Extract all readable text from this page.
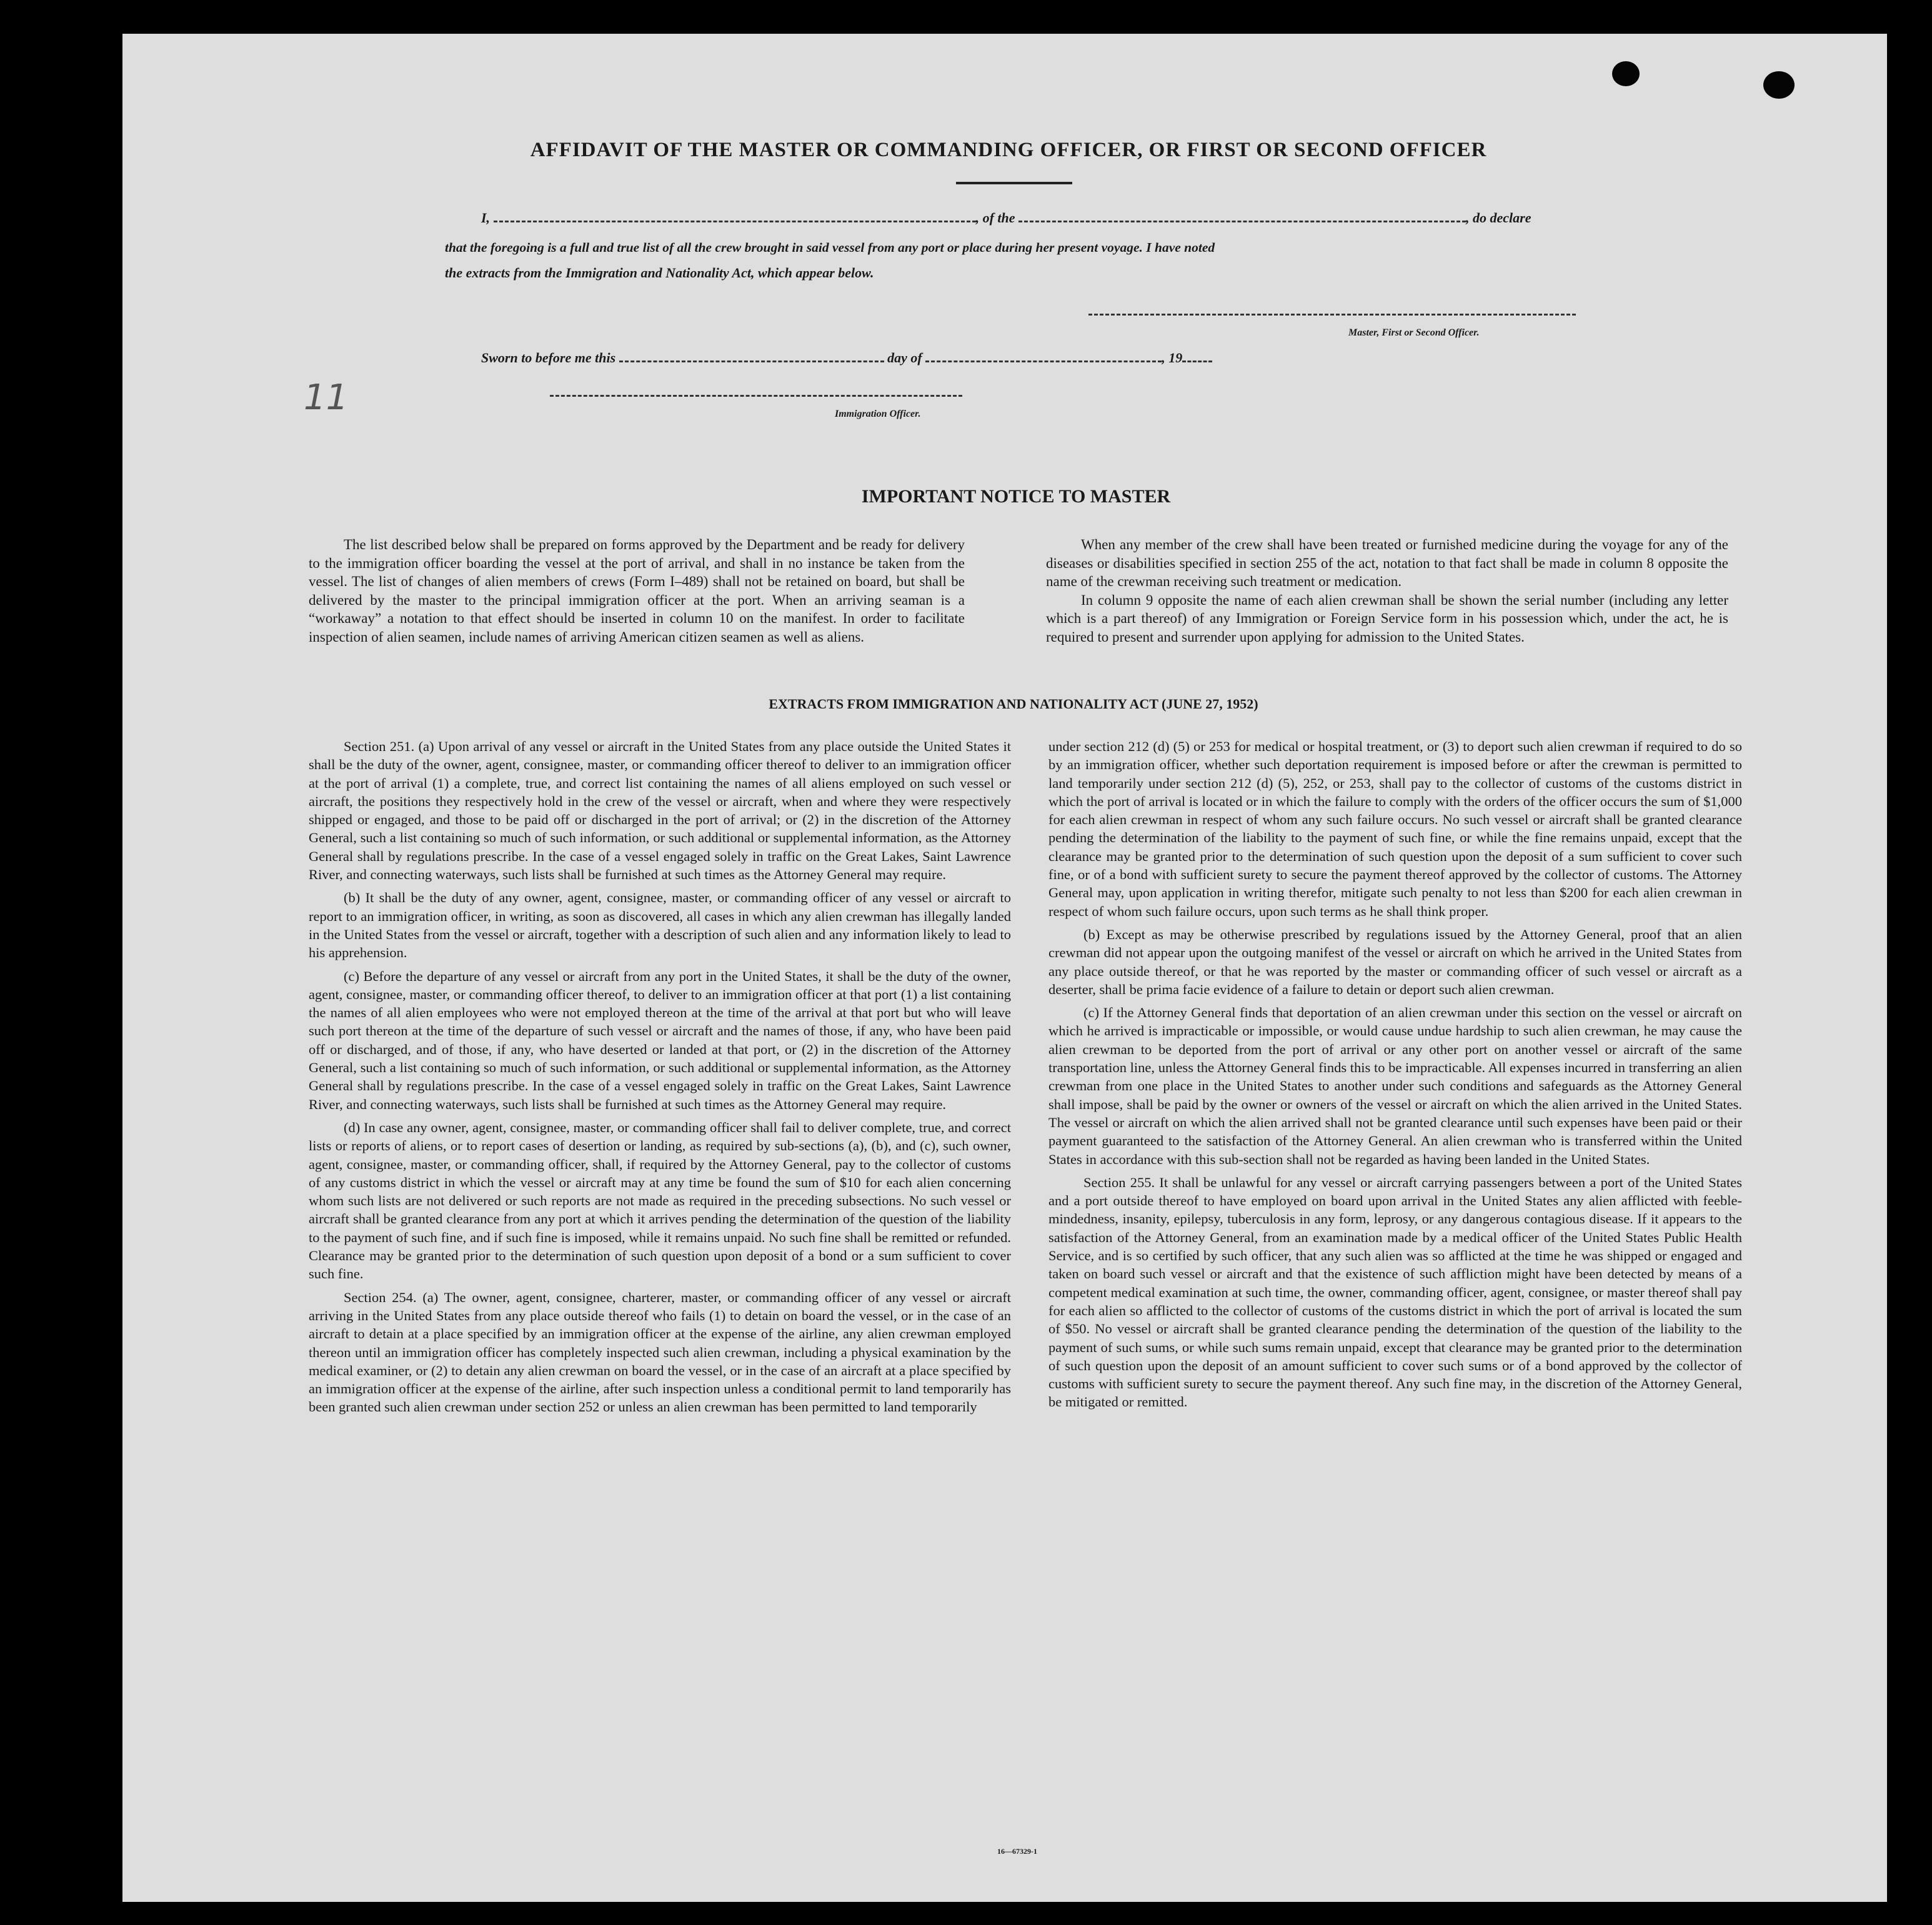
11
AFFIDAVIT OF THE MASTER OR COMMANDING OFFICER, OR FIRST OR SECOND OFFICER
I,	, of the	, do declare
that the foregoing is a full and true list of all the crew brought in said vessel from any port or place during her present voyage. I have noted
the extracts from the Immigration and Nationality Act, which appear below.
Master, First or Second Officer.
Sworn to before me this	day of	, 19
Immigration Officer.
IMPORTANT NOTICE TO MASTER

The list described below shall be prepared on forms approved by the Department and be ready for delivery to the immigration officer boarding the vessel at the port of arrival, and shall in no instance be taken from the vessel. The list of changes of alien members of crews (Form I–489) shall not be retained on board, but shall be delivered by the master to the principal immigration officer at the port. When an arriving seaman is a “workaway” a notation to that effect should be inserted in column 10 on the manifest. In order to facilitate inspection of alien seamen, include names of arriving American citizen seamen as well as aliens.

When any member of the crew shall have been treated or furnished medicine during the voyage for any of the diseases or disabilities specified in section 255 of the act, notation to that fact shall be made in column 8 opposite the name of the crewman receiving such treatment or medication.

In column 9 opposite the name of each alien crewman shall be shown the serial number (including any letter which is a part thereof) of any Immigration or Foreign Service form in his possession which, under the act, he is required to present and surrender upon applying for admission to the United States.

EXTRACTS FROM IMMIGRATION AND NATIONALITY ACT (JUNE 27, 1952)

Section 251. (a) Upon arrival of any vessel or aircraft in the United States from any place outside the United States it shall be the duty of the owner, agent, consignee, master, or commanding officer thereof to deliver to an immigration officer at the port of arrival (1) a complete, true, and correct list containing the names of all aliens employed on such vessel or aircraft, the positions they respectively hold in the crew of the vessel or aircraft, when and where they were respectively shipped or engaged, and those to be paid off or discharged in the port of arrival; or (2) in the discretion of the Attorney General, such a list containing so much of such information, or such additional or supplemental information, as the Attorney General shall by regulations prescribe. In the case of a vessel engaged solely in traffic on the Great Lakes, Saint Lawrence River, and connecting waterways, such lists shall be furnished at such times as the Attorney General may require.

(b) It shall be the duty of any owner, agent, consignee, master, or commanding officer of any vessel or aircraft to report to an immigration officer, in writing, as soon as discovered, all cases in which any alien crewman has illegally landed in the United States from the vessel or aircraft, together with a description of such alien and any information likely to lead to his apprehension.

(c) Before the departure of any vessel or aircraft from any port in the United States, it shall be the duty of the owner, agent, consignee, master, or commanding officer thereof, to deliver to an immigration officer at that port (1) a list containing the names of all alien employees who were not employed thereon at the time of the arrival at that port but who will leave such port thereon at the time of the departure of such vessel or aircraft and the names of those, if any, who have been paid off or discharged, and of those, if any, who have deserted or landed at that port, or (2) in the discretion of the Attorney General, such a list containing so much of such information, or such additional or supplemental information, as the Attorney General shall by regulations prescribe. In the case of a vessel engaged solely in traffic on the Great Lakes, Saint Lawrence River, and connecting waterways, such lists shall be furnished at such times as the Attorney General may require.

(d) In case any owner, agent, consignee, master, or commanding officer shall fail to deliver complete, true, and correct lists or reports of aliens, or to report cases of desertion or landing, as required by sub-sections (a), (b), and (c), such owner, agent, consignee, master, or commanding officer, shall, if required by the Attorney General, pay to the collector of customs of any customs district in which the vessel or aircraft may at any time be found the sum of $10 for each alien concerning whom such lists are not delivered or such reports are not made as required in the preceding subsections. No such vessel or aircraft shall be granted clearance from any port at which it arrives pending the determination of the question of the liability to the payment of such fine, and if such fine is imposed, while it remains unpaid. No such fine shall be remitted or refunded. Clearance may be granted prior to the determination of such question upon deposit of a bond or a sum sufficient to cover such fine.

Section 254. (a) The owner, agent, consignee, charterer, master, or commanding officer of any vessel or aircraft arriving in the United States from any place outside thereof who fails (1) to detain on board the vessel, or in the case of an aircraft to detain at a place specified by an immigration officer at the expense of the airline, any alien crewman employed thereon until an immigration officer has completely inspected such alien crewman, including a physical examination by the medical examiner, or (2) to detain any alien crewman on board the vessel, or in the case of an aircraft at a place specified by an immigration officer at the expense of the airline, after such inspection unless a conditional permit to land temporarily has been granted such alien crewman under section 252 or unless an alien crewman has been permitted to land temporarily

under section 212 (d) (5) or 253 for medical or hospital treatment, or (3) to deport such alien crewman if required to do so by an immigration officer, whether such deportation requirement is imposed before or after the crewman is permitted to land temporarily under section 212 (d) (5), 252, or 253, shall pay to the collector of customs of the customs district in which the port of arrival is located or in which the failure to comply with the orders of the officer occurs the sum of $1,000 for each alien crewman in respect of whom any such failure occurs. No such vessel or aircraft shall be granted clearance pending the determination of the liability to the payment of such fine, or while the fine remains unpaid, except that the clearance may be granted prior to the determination of such question upon the deposit of a sum sufficient to cover such fine, or of a bond with sufficient surety to secure the payment thereof approved by the collector of customs. The Attorney General may, upon application in writing therefor, mitigate such penalty to not less than $200 for each alien crewman in respect of whom such failure occurs, upon such terms as he shall think proper.

(b) Except as may be otherwise prescribed by regulations issued by the Attorney General, proof that an alien crewman did not appear upon the outgoing manifest of the vessel or aircraft on which he arrived in the United States from any place outside thereof, or that he was reported by the master or commanding officer of such vessel or aircraft as a deserter, shall be prima facie evidence of a failure to detain or deport such alien crewman.

(c) If the Attorney General finds that deportation of an alien crewman under this section on the vessel or aircraft on which he arrived is impracticable or impossible, or would cause undue hardship to such alien crewman, he may cause the alien crewman to be deported from the port of arrival or any other port on another vessel or aircraft of the same transportation line, unless the Attorney General finds this to be impracticable. All expenses incurred in transferring an alien crewman from one place in the United States to another under such conditions and safeguards as the Attorney General shall impose, shall be paid by the owner or owners of the vessel or aircraft on which the alien arrived in the United States. The vessel or aircraft on which the alien arrived shall not be granted clearance until such expenses have been paid or their payment guaranteed to the satisfaction of the Attorney General. An alien crewman who is transferred within the United States in accordance with this sub-section shall not be regarded as having been landed in the United States.

Section 255. It shall be unlawful for any vessel or aircraft carrying passengers between a port of the United States and a port outside thereof to have employed on board upon arrival in the United States any alien afflicted with feeble-mindedness, insanity, epilepsy, tuberculosis in any form, leprosy, or any dangerous contagious disease. If it appears to the satisfaction of the Attorney General, from an examination made by a medical officer of the United States Public Health Service, and is so certified by such officer, that any such alien was so afflicted at the time he was shipped or engaged and taken on board such vessel or aircraft and that the existence of such affliction might have been detected by means of a competent medical examination at such time, the owner, commanding officer, agent, consignee, or master thereof shall pay for each alien so afflicted to the collector of customs of the customs district in which the port of arrival is located the sum of $50. No vessel or aircraft shall be granted clearance pending the determination of the question of the liability to the payment of such sums, or while such sums remain unpaid, except that clearance may be granted prior to the determination of such question upon the deposit of an amount sufficient to cover such sums or of a bond approved by the collector of customs with sufficient surety to secure the payment thereof. Any such fine may, in the discretion of the Attorney General, be mitigated or remitted.

16—67329-1
